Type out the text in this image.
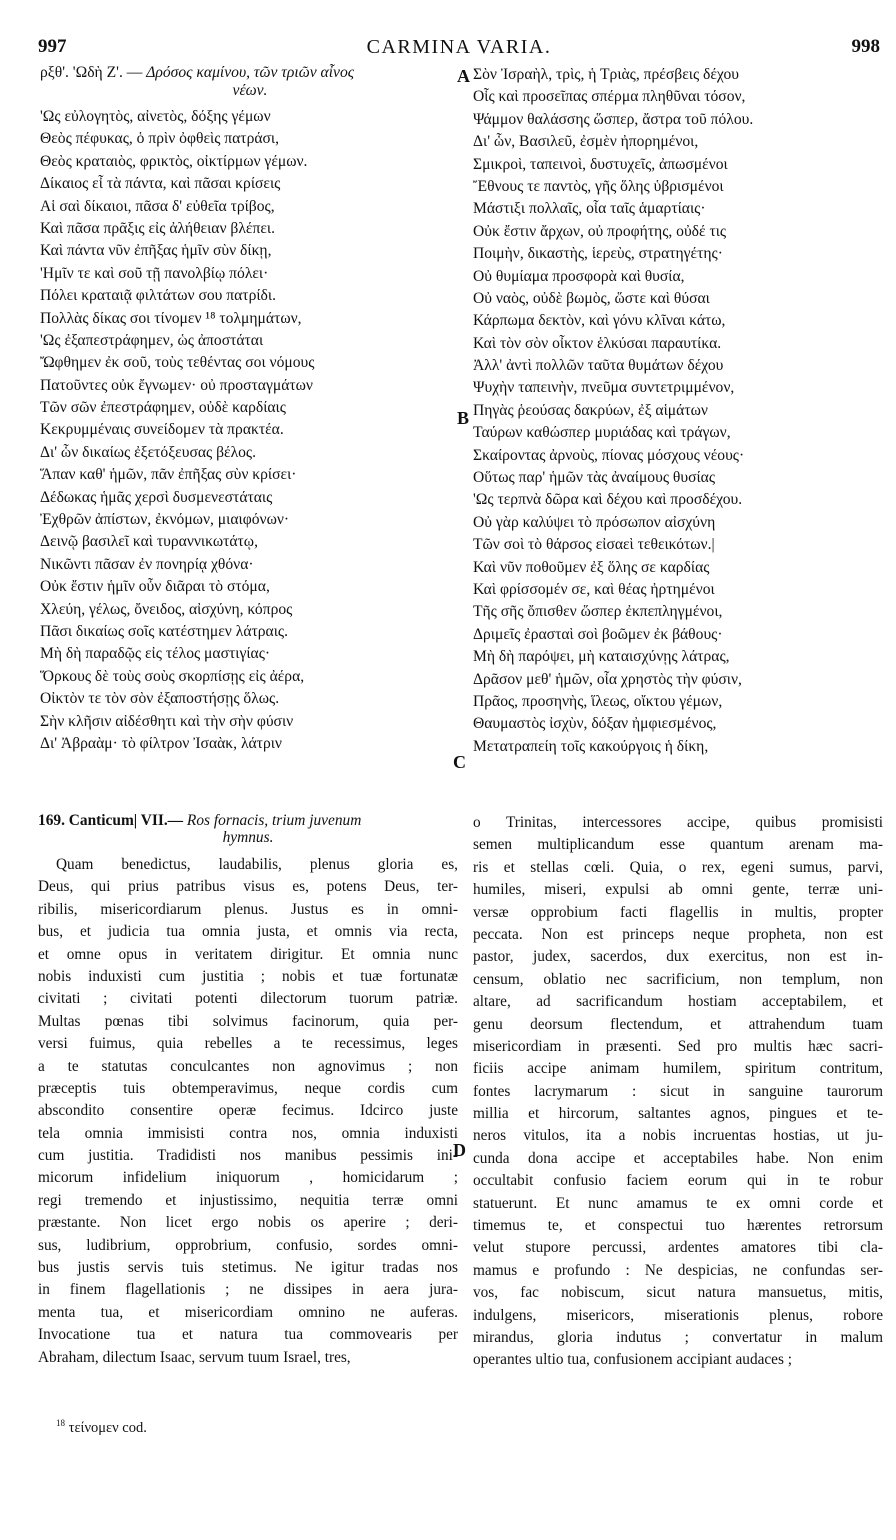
997	CARMINA VARIA.	998
ρξθ'. 'Ωδὴ Ζ'. — Δρόσος καμίνου, τῶν τριῶν αἶνος
νέων.
'Ως εὐλογητὸς, αἰνετὸς, δόξης γέμων
Θεὸς πέφυκας, ὁ πρὶν ὀφθεὶς πατράσι,
Θεὸς κραταιὸς, φρικτὸς, οἰκτίρμων γέμων.
Δίκαιος εἶ τὰ πάντα, καὶ πᾶσαι κρίσεις
Αἱ σαὶ δίκαιοι, πᾶσα δ' εὐθεῖα τρίβος,
Καὶ πᾶσα πρᾶξις εἰς ἀλήθειαν βλέπει.
Καὶ πάντα νῦν ἐπῆξας ἡμῖν σὺν δίκῃ,
'Ημῖν τε καὶ σοῦ τῇ πανολβίῳ πόλει·
Πόλει κραταιᾷ φιλτάτων σου πατρίδι.
Πολλὰς δίκας σοι τίνομεν ¹⁸ τολμημάτων,
'Ως ἐξαπεστράφημεν, ὡς ἀποστάται
Ὤφθημεν ἐκ σοῦ, τοὺς τεθέντας σοι νόμους
Πατοῦντες οὐκ ἔγνωμεν· οὐ προσταγμάτων
Τῶν σῶν ἐπεστράφημεν, οὐδὲ καρδίαις
Κεκρυμμέναις συνείδομεν τὰ πρακτέα.
Δι' ὧν δικαίως ἐξετόξευσας βέλος.
Ἅπαν καθ' ἡμῶν, πᾶν ἐπῆξας σὺν κρίσει·
Δέδωκας ἡμᾶς χερσὶ δυσμενεστάταις
Ἐχθρῶν ἀπίστων, ἐκνόμων, μιαιφόνων·
Δεινῷ βασιλεῖ καὶ τυραννικωτάτῳ,
Νικῶντι πᾶσαν ἐν πονηρίᾳ χθόνα·
Οὐκ ἔστιν ἡμῖν οὖν διᾶραι τὸ στόμα,
Χλεύη, γέλως, ὄνειδος, αἰσχύνη, κόπρος
Πᾶσι δικαίως σοῖς κατέστημεν λάτραις.
Μὴ δὴ παραδῷς εἰς τέλος μαστιγίας·
Ὅρκους δὲ τοὺς σοὺς σκορπίσῃς εἰς ἀέρα,
Οἰκτὸν τε τὸν σὸν ἐξαποστήσῃς ὅλως.
Σὴν κλῆσιν αἰδέσθητι καὶ τὴν σὴν φύσιν
Δι' Ἀβραὰμ· τὸ φίλτρον Ἰσαὰκ, λάτριν
Σὸν Ἰσραὴλ, τρὶς, ἡ Τριὰς, πρέσβεις δέχου
Οἷς καὶ προσεῖπας σπέρμα πληθῦναι τόσον,
Ψάμμον θαλάσσης ὥσπερ, ἄστρα τοῦ πόλου.
Δι' ὧν, Βασιλεῦ, ἐσμὲν ἠπορημένοι,
Σμικροὶ, ταπεινοὶ, δυστυχεῖς, ἀπωσμένοι
Ἔθνους τε παντὸς, γῆς ὅλης ὑβρισμένοι
Μάστιξι πολλαῖς, οἷα ταῖς ἁμαρτίαις·
Οὐκ ἔστιν ἄρχων, οὐ προφήτης, οὐδέ τις
Ποιμὴν, δικαστὴς, ἱερεὺς, στρατηγέτης·
Οὐ θυμίαμα προσφορὰ καὶ θυσία,
Οὐ ναὸς, οὐδὲ βωμὸς, ὥστε καὶ θύσαι
Κάρπωμα δεκτὸν, καὶ γόνυ κλῖναι κάτω,
Καὶ τὸν σὸν οἶκτον ἑλκύσαι παραυτίκα.
Ἀλλ' ἀντὶ πολλῶν ταῦτα θυμάτων δέχου
Ψυχὴν ταπεινὴν, πνεῦμα συντετριμμένον,
Πηγὰς ῥεούσας δακρύων, ἐξ αἱμάτων
Ταύρων καθώσπερ μυριάδας καὶ τράγων,
Σκαίροντας ἀρνοὺς, πίονας μόσχους νέους·
Οὕτως παρ' ἡμῶν τὰς ἀναίμους θυσίας
'Ως τερπνὰ δῶρα καὶ δέχου καὶ προσδέχου.
Οὐ γὰρ καλύψει τὸ πρόσωπον αἰσχύνη
Τῶν σοὶ τὸ θάρσος εἰσαεὶ τεθεικότων.|
Καὶ νῦν ποθοῦμεν ἐξ ὅλης σε καρδίας
Καὶ φρίσσομέν σε, καὶ θέας ἠρτημένοι
Τῆς σῆς ὄπισθεν ὥσπερ ἐκπεπληγμένοι,
Δριμεῖς ἐρασταὶ σοὶ βοῶμεν ἐκ βάθους·
Μὴ δὴ παρόψει, μὴ καταισχύνῃς λάτρας,
Δρᾶσον μεθ' ἡμῶν, οἷα χρηστὸς τὴν φύσιν,
Πρᾶος, προσηνὴς, ἵλεως, οἴκτου γέμων,
Θαυμαστὸς ἰσχὺν, δόξαν ἠμφιεσμένος,
Μετατραπείη τοῖς κακούργοις ἡ δίκη,
A
B
C
D
169. Canticum| VII.— Ros fornacis, trium juvenum
hymnus.
Quam benedictus, laudabilis, plenus gloria es,
Deus, qui prius patribus visus es, potens Deus, ter-
ribilis, misericordiarum plenus. Justus es in omni-
bus, et judicia tua omnia justa, et omnis via recta,
et omne opus in veritatem dirigitur. Et omnia nunc
nobis induxisti cum justitia ; nobis et tuæ fortunatæ
civitati ; civitati potenti dilectorum tuorum patriæ.
Multas pœnas tibi solvimus facinorum, quia per-
versi fuimus, quia rebelles a te recessimus, leges
a te statutas conculcantes non agnovimus ; non
præceptis tuis obtemperavimus, neque cordis cum
abscondito consentire operæ fecimus. Idcirco juste
tela omnia immisisti contra nos, omnia induxisti
cum justitia. Tradidisti nos manibus pessimis ini-
micorum infidelium iniquorum , homicidarum ;
regi tremendo et injustissimo, nequitia terræ omni
præstante. Non licet ergo nobis os aperire ; deri-
sus, ludibrium, opprobrium, confusio, sordes omni-
bus justis servis tuis stetimus. Ne igitur tradas nos
in finem flagellationis ; ne dissipes in aera jura-
menta tua, et misericordiam omnino ne auferas.
Invocatione tua et natura tua commovearis per
Abraham, dilectum Isaac, servum tuum Israel, tres,
o Trinitas, intercessores accipe, quibus promisisti
semen multiplicandum esse quantum arenam ma-
ris et stellas cœli. Quia, o rex, egeni sumus, parvi,
humiles, miseri, expulsi ab omni gente, terræ uni-
versæ opprobium facti flagellis in multis, propter
peccata. Non est princeps neque propheta, non est
pastor, judex, sacerdos, dux exercitus, non est in-
censum, oblatio nec sacrificium, non templum, non
altare, ad sacrificandum hostiam acceptabilem, et
genu deorsum flectendum, et attrahendum tuam
misericordiam in præsenti. Sed pro multis hæc sacri-
ficiis accipe animam humilem, spiritum contritum,
fontes lacrymarum : sicut in sanguine taurorum
millia et hircorum, saltantes agnos, pingues et te-
neros vitulos, ita a nobis incruentas hostias, ut ju-
cunda dona accipe et acceptabiles habe. Non enim
occultabit confusio faciem eorum qui in te robur
statuerunt. Et nunc amamus te ex omni corde et
timemus te, et conspectui tuo hærentes retrorsum
velut stupore percussi, ardentes amatores tibi cla-
mamus e profundo : Ne despicias, ne confundas ser-
vos, fac nobiscum, sicut natura mansuetus, mitis,
indulgens, misericors, miserationis plenus, robore
mirandus, gloria indutus ; convertatur in malum
operantes ultio tua, confusionem accipiant audaces ;
$^{18}$ τείνομεν cod.
